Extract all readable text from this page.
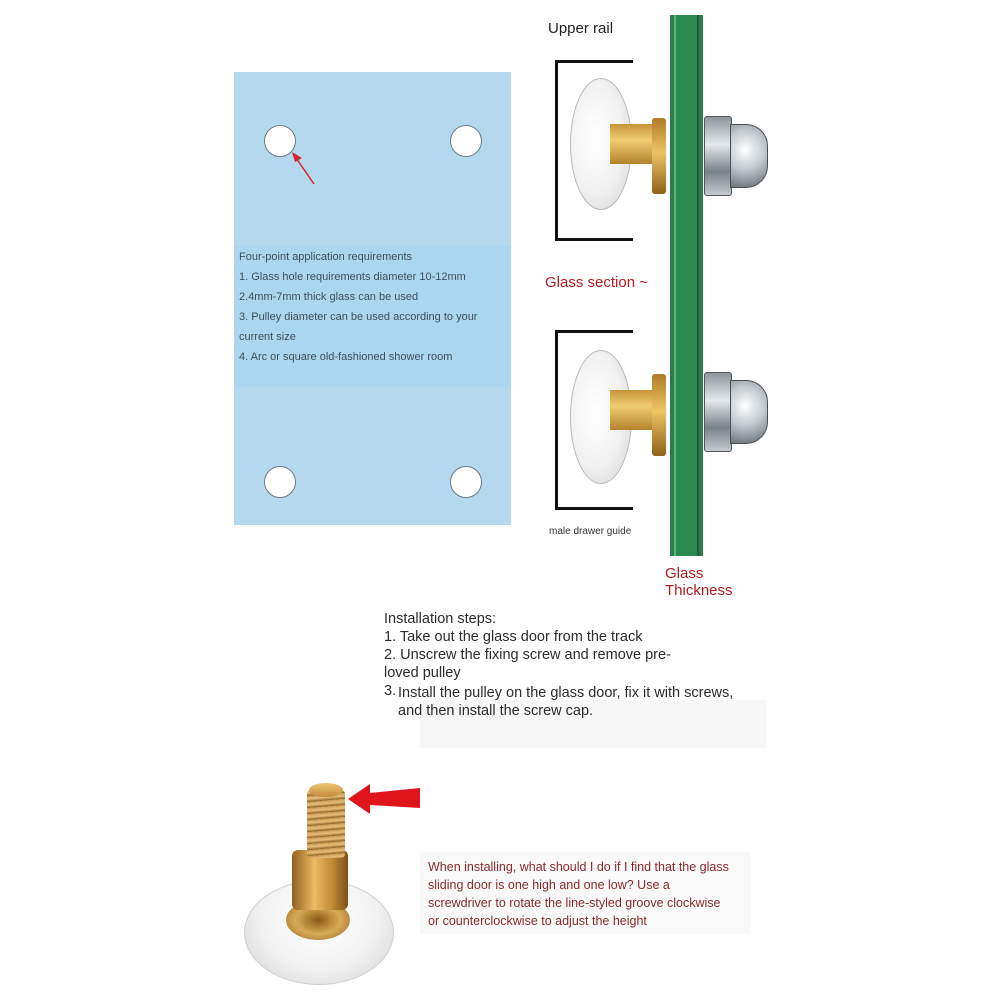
Four-point application requirements
1. Glass hole requirements diameter 10-12mm
2.4mm-7mm thick glass can be used
3. Pulley diameter can be used according to your
current size
4. Arc or square old-fashioned shower room
Upper rail
Glass section ~
male drawer guide
Glass
Thickness
Installation steps:
1. Take out the glass door from the track
2. Unscrew the fixing screw and remove pre-
loved pulley
3. Install the pulley on the glass door, fix it with screws,
and then install the screw cap.
When installing, what should I do if I find that the glass
sliding door is one high and one low? Use a
screwdriver to rotate the line-styled groove clockwise
or counterclockwise to adjust the height
